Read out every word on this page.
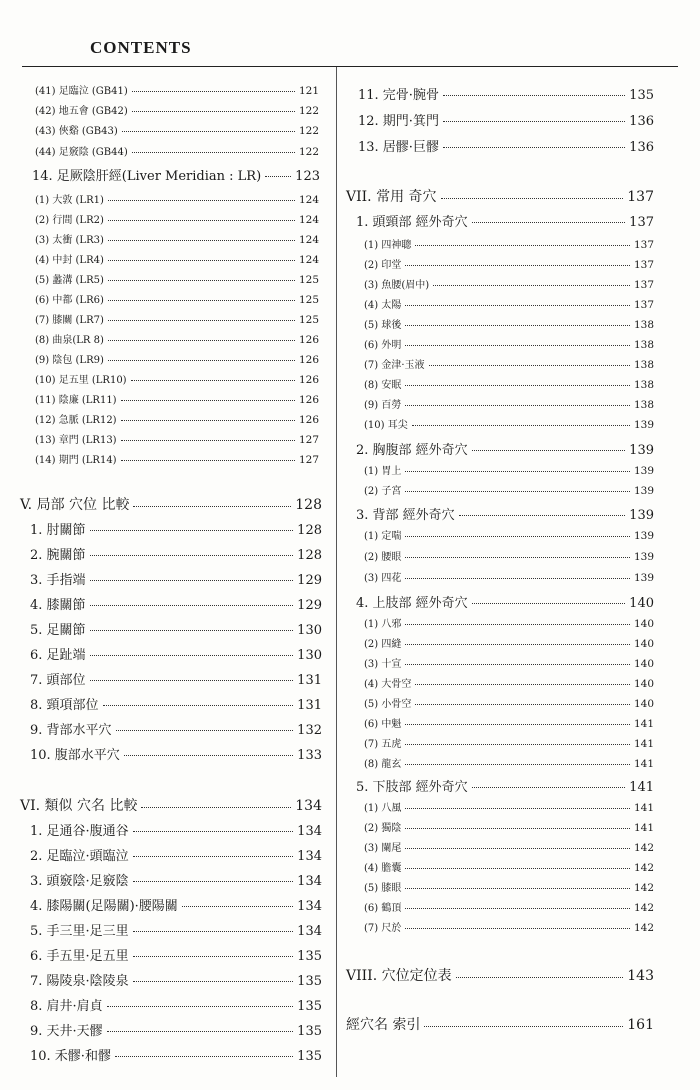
CONTENTS
(41) 足臨泣 (GB41)	121
(42) 地五會 (GB42)	122
(43) 俠谿 (GB43)	122
(44) 足竅陰 (GB44)	122
14. 足厥陰肝經(Liver Meridian : LR)	123
(1) 大敦 (LR1)	124
(2) 行間 (LR2)	124
(3) 太衝 (LR3)	124
(4) 中封 (LR4)	124
(5) 蠡溝 (LR5)	125
(6) 中都 (LR6)	125
(7) 膝關 (LR7)	125
(8) 曲泉(LR 8)	126
(9) 陰包 (LR9)	126
(10) 足五里 (LR10)	126
(11) 陰廉 (LR11)	126
(12) 急脈 (LR12)	126
(13) 章門 (LR13)	127
(14) 期門 (LR14)	127
V. 局部 穴位 比較	128
1. 肘關節	128
2. 腕關節	128
3. 手指端	129
4. 膝關節	129
5. 足關節	130
6. 足趾端	130
7. 頭部位	131
8. 頸項部位	131
9. 背部水平穴	132
10. 腹部水平穴	133
VI. 類似 穴名 比較	134
1. 足通谷·腹通谷	134
2. 足臨泣·頭臨泣	134
3. 頭竅陰·足竅陰	134
4. 膝陽關(足陽關)·腰陽關	134
5. 手三里·足三里	134
6. 手五里·足五里	135
7. 陽陵泉·陰陵泉	135
8. 肩井·肩貞	135
9. 天井·天髎	135
10. 禾髎·和髎	135
11. 完骨·腕骨	135
12. 期門·箕門	136
13. 居髎·巨髎	136
VII. 常用 奇穴	137
1. 頭頸部 經外奇穴	137
(1) 四神聰	137
(2) 印堂	137
(3) 魚腰(眉中)	137
(4) 太陽	137
(5) 球後	138
(6) 外明	138
(7) 金津·玉液	138
(8) 安眠	138
(9) 百勞	138
(10) 耳尖	139
2. 胸腹部 經外奇穴	139
(1) 胃上	139
(2) 子宮	139
3. 背部 經外奇穴	139
(1) 定喘	139
(2) 腰眼	139
(3) 四花	139
4. 上肢部 經外奇穴	140
(1) 八邪	140
(2) 四縫	140
(3) 十宣	140
(4) 大骨空	140
(5) 小骨空	140
(6) 中魁	141
(7) 五虎	141
(8) 龍玄	141
5. 下肢部 經外奇穴	141
(1) 八風	141
(2) 獨陰	141
(3) 闌尾	142
(4) 膽囊	142
(5) 膝眼	142
(6) 鶴頂	142
(7) 尺於	142
VIII. 穴位定位表	143
經穴名 索引	161
